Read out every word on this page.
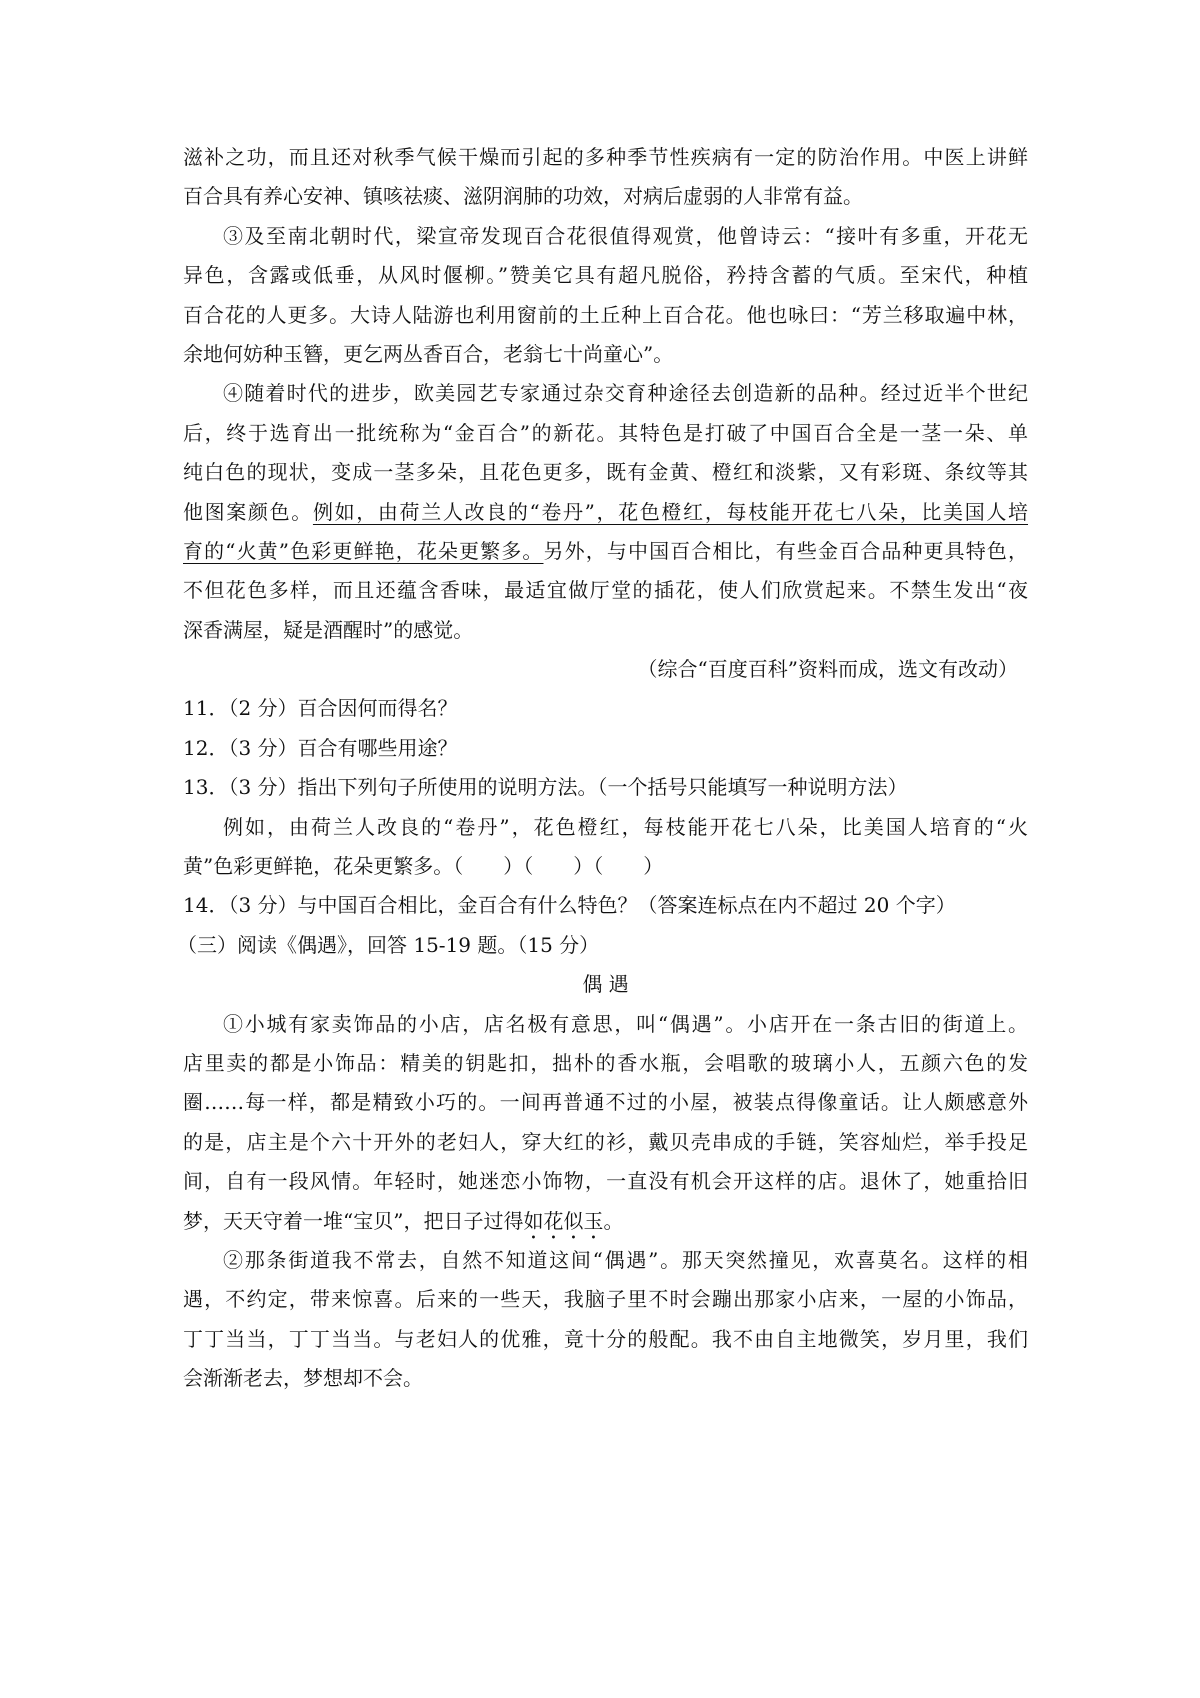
滋补之功，而且还对秋季气候干燥而引起的多种季节性疾病有一定的防治作用。中医上讲鲜
百合具有养心安神、镇咳祛痰、滋阴润肺的功效，对病后虚弱的人非常有益。
③及至南北朝时代，梁宣帝发现百合花很值得观赏，他曾诗云：“接叶有多重，开花无
异色，含露或低垂，从风时偃柳。”赞美它具有超凡脱俗，矜持含蓄的气质。至宋代，种植
百合花的人更多。大诗人陆游也利用窗前的土丘种上百合花。他也咏曰：“芳兰移取遍中林，
余地何妨种玉簪，更乞两丛香百合，老翁七十尚童心”。
④随着时代的进步，欧美园艺专家通过杂交育种途径去创造新的品种。经过近半个世纪
后，终于选育出一批统称为“金百合”的新花。其特色是打破了中国百合全是一茎一朵、单
纯白色的现状，变成一茎多朵，且花色更多，既有金黄、橙红和淡紫，又有彩斑、条纹等其
他图案颜色。例如，由荷兰人改良的“卷丹”，花色橙红，每枝能开花七八朵，比美国人培
育的“火黄”色彩更鲜艳，花朵更繁多。另外，与中国百合相比，有些金百合品种更具特色，
不但花色多样，而且还蕴含香味，最适宜做厅堂的插花，使人们欣赏起来。不禁生发出“夜
深香满屋，疑是酒醒时”的感觉。
（综合“百度百科”资料而成，选文有改动）
11．（2 分）百合因何而得名？
12．（3 分）百合有哪些用途？
13．（3 分）指出下列句子所使用的说明方法。（一个括号只能填写一种说明方法）
例如，由荷兰人改良的“卷丹”，花色橙红，每枝能开花七八朵，比美国人培育的“火
黄”色彩更鲜艳，花朵更繁多。（　　）（　　）（　　）
14．（3 分）与中国百合相比，金百合有什么特色？（答案连标点在内不超过 20 个字）
（三）阅读《偶遇》，回答 15-19 题。（15 分）
偶 遇
①小城有家卖饰品的小店，店名极有意思，叫“偶遇”。小店开在一条古旧的街道上。
店里卖的都是小饰品：精美的钥匙扣，拙朴的香水瓶，会唱歌的玻璃小人，五颜六色的发
圈……每一样，都是精致小巧的。一间再普通不过的小屋，被装点得像童话。让人颇感意外
的是，店主是个六十开外的老妇人，穿大红的衫，戴贝壳串成的手链，笑容灿烂，举手投足
间，自有一段风情。年轻时，她迷恋小饰物，一直没有机会开这样的店。退休了，她重拾旧
梦，天天守着一堆“宝贝”，把日子过得如花似玉。
②那条街道我不常去，自然不知道这间“偶遇”。那天突然撞见，欢喜莫名。这样的相
遇，不约定，带来惊喜。后来的一些天，我脑子里不时会蹦出那家小店来，一屋的小饰品，
丁丁当当，丁丁当当。与老妇人的优雅，竟十分的般配。我不由自主地微笑，岁月里，我们
会渐渐老去，梦想却不会。
